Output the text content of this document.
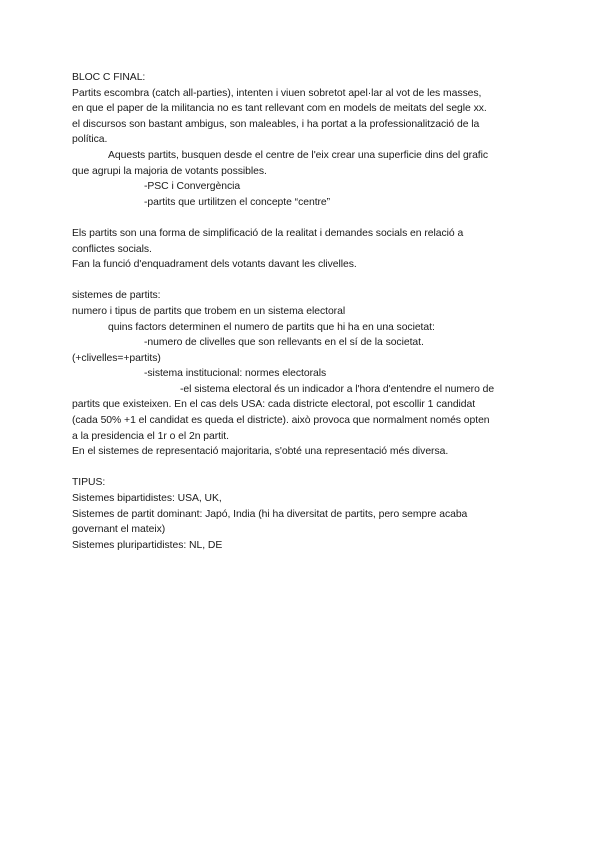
BLOC C FINAL:
Partits escombra (catch all-parties), intenten i viuen sobretot apel·lar al vot de les masses,
en que el paper de la militancia no es tant rellevant com en models de meitats del segle xx.
el discursos son bastant ambigus, son maleables, i ha portat a la professionalització de la
política.
Aquests partits, busquen desde el centre de l'eix crear una superficie dins del grafic
que agrupi la majoria de votants possibles.
-PSC i Convergència
-partits que urtilitzen el concepte “centre”
Els partits son una forma de simplificació de la realitat i demandes socials en relació a
conflictes socials.
Fan la funció d'enquadrament dels votants davant les clivelles.
sistemes de partits:
numero i tipus de partits que trobem en un sistema electoral
quins factors determinen el numero de partits que hi ha en una societat:
-numero de clivelles que son rellevants en el sí de la societat.
(+clivelles=+partits)
-sistema institucional: normes electorals
-el sistema electoral és un indicador a l'hora d'entendre el numero de
partits que existeixen. En el cas dels USA: cada districte electoral, pot escollir 1 candidat
(cada 50% +1 el candidat es queda el districte). això provoca que normalment només opten
a la presidencia el 1r o el 2n partit.
En el sistemes de representació majoritaria, s'obté una representació més diversa.
TIPUS:
Sistemes bipartidistes: USA, UK,
Sistemes de partit dominant: Japó, India (hi ha diversitat de partits, pero sempre acaba
governant el mateix)
Sistemes pluripartidistes: NL, DE
